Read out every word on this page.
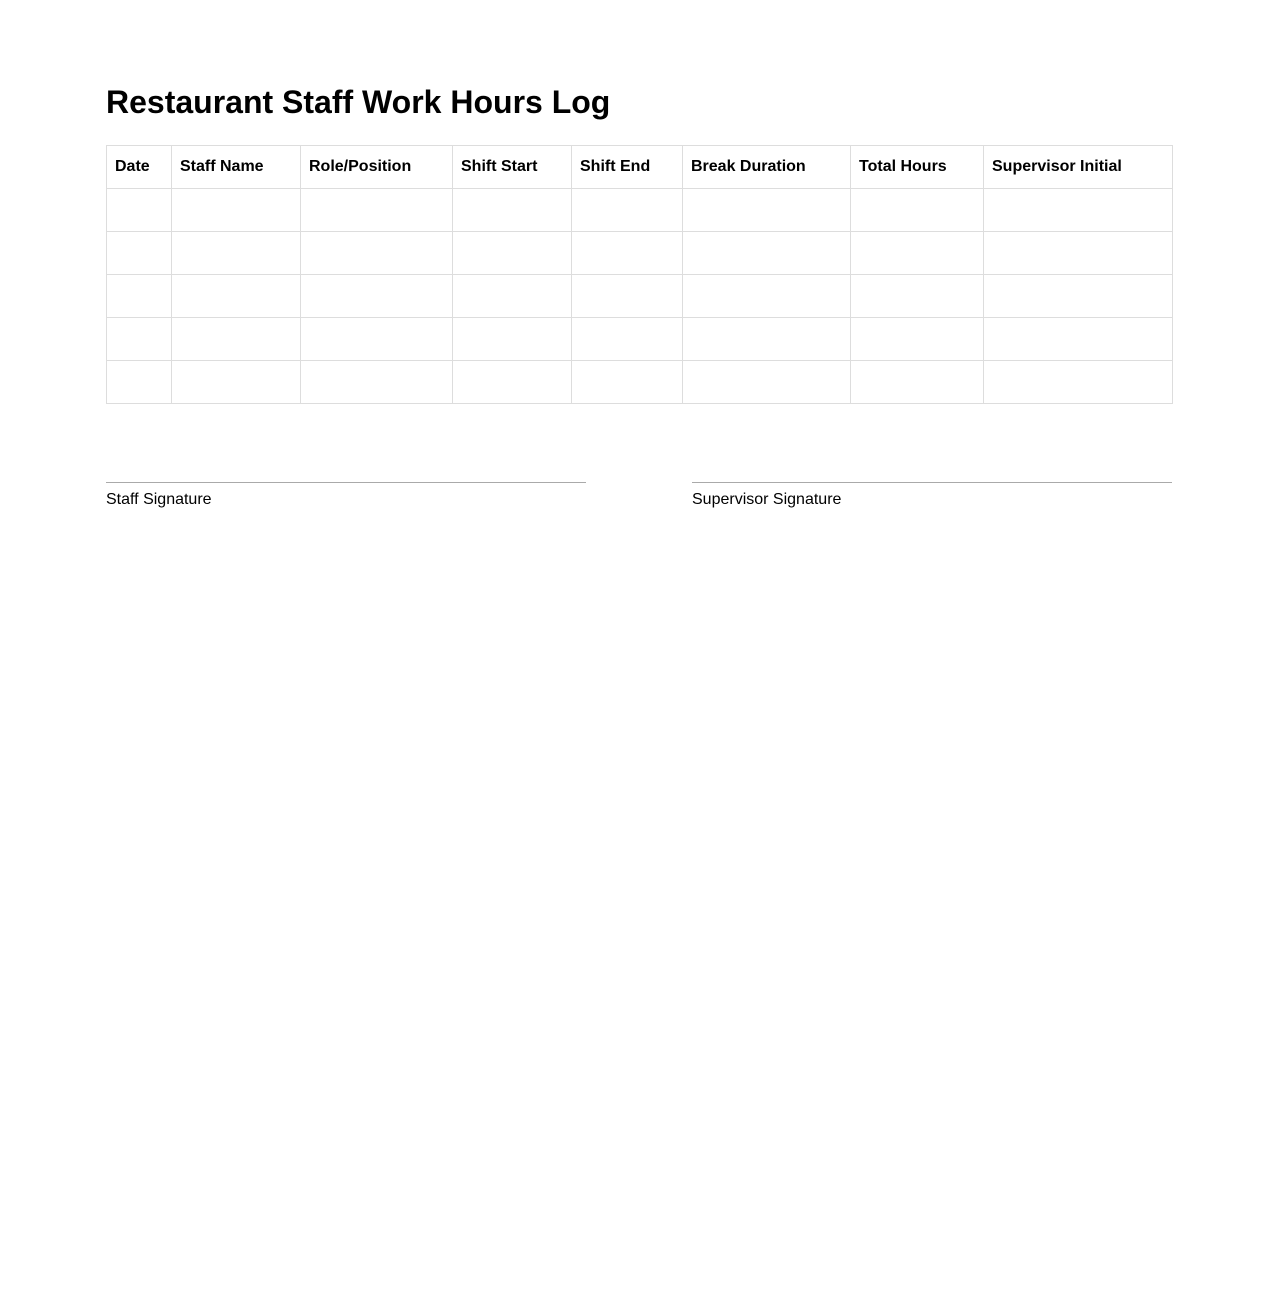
Restaurant Staff Work Hours Log
Date	Staff Name	Role/Position	Shift Start	Shift End	Break Duration	Total Hours	Supervisor Initial

Staff Signature	Supervisor Signature
